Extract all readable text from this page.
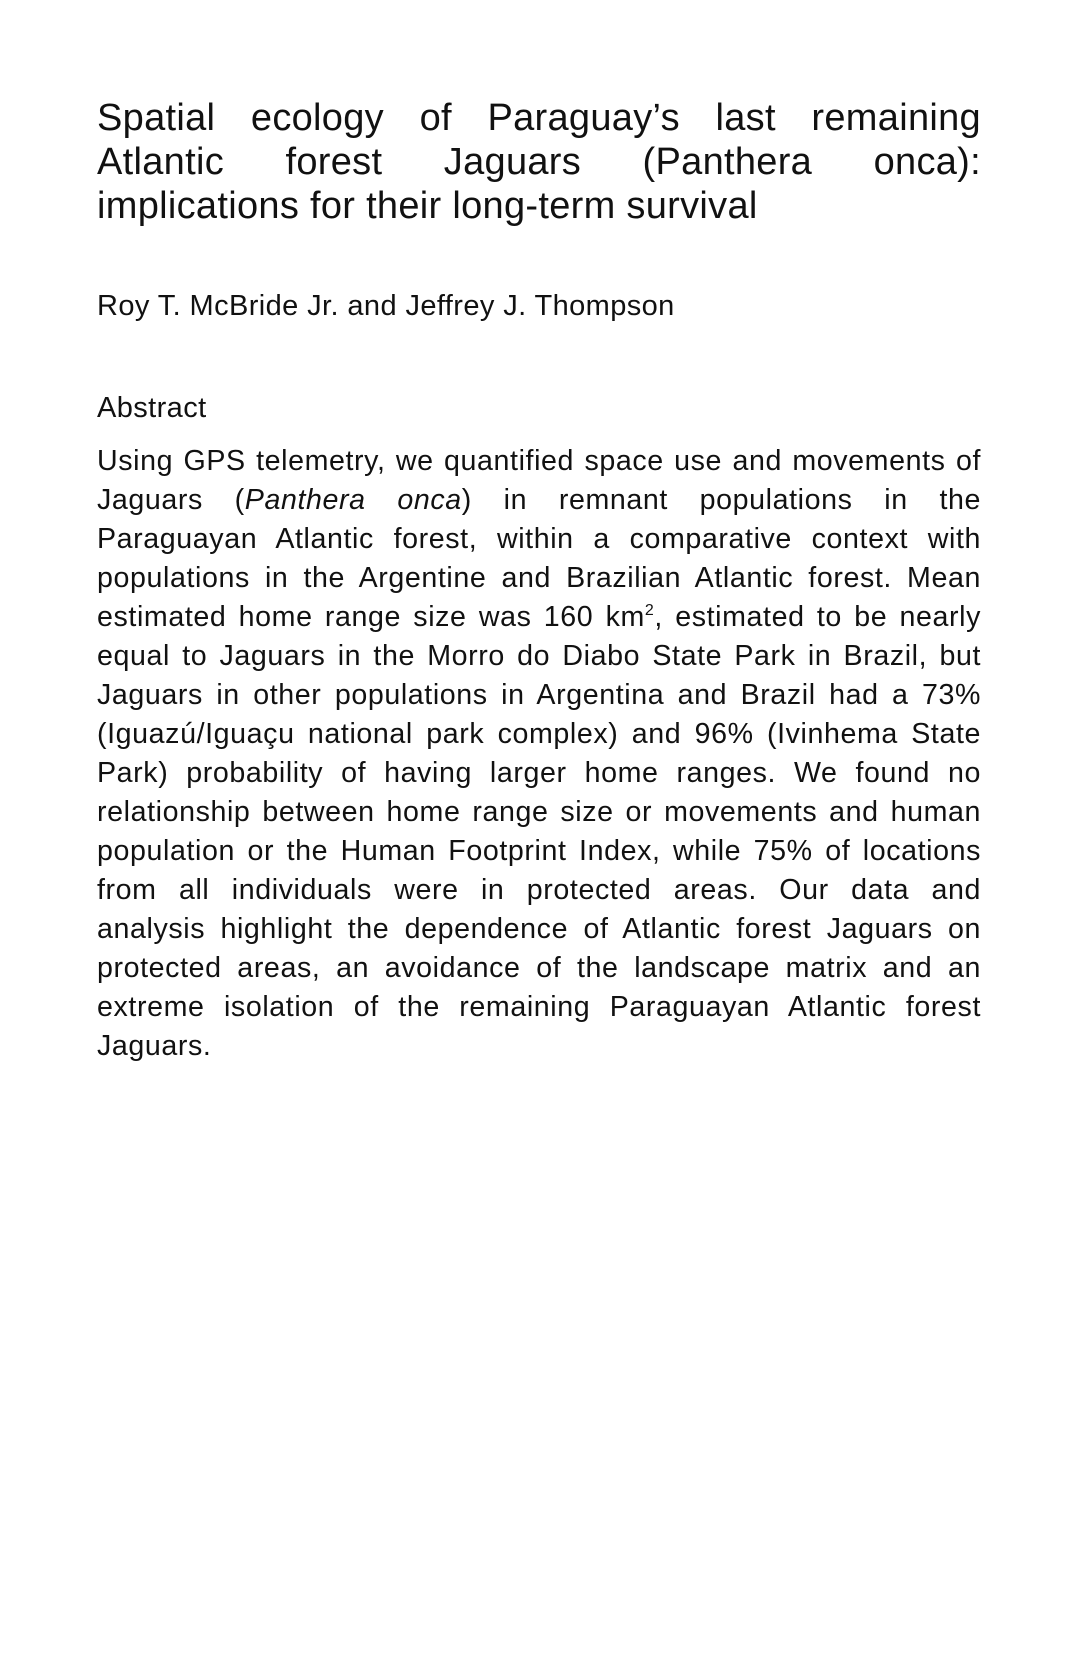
Spatial ecology of Paraguay’s last remaining Atlantic forest Jaguars (Panthera onca): implications for their long-term survival

Roy T. McBride Jr. and Jeffrey J. Thompson

Abstract

Using GPS telemetry, we quantified space use and movements of Jaguars (Panthera onca) in remnant populations in the Paraguayan Atlantic forest, within a comparative context with populations in the Argentine and Brazilian Atlantic forest. Mean estimated home range size was 160 $km^2$, estimated to be nearly equal to Jaguars in the Morro do Diabo State Park in Brazil, but Jaguars in other populations in Argentina and Brazil had a 73% (Iguazú/Iguaçu national park complex) and 96% (Ivinhema State Park) probability of having larger home ranges. We found no relationship between home range size or movements and human population or the Human Footprint Index, while 75% of locations from all individuals were in protected areas. Our data and analysis highlight the dependence of Atlantic forest Jaguars on protected areas, an avoidance of the landscape matrix and an extreme isolation of the remaining Paraguayan Atlantic forest Jaguars.
